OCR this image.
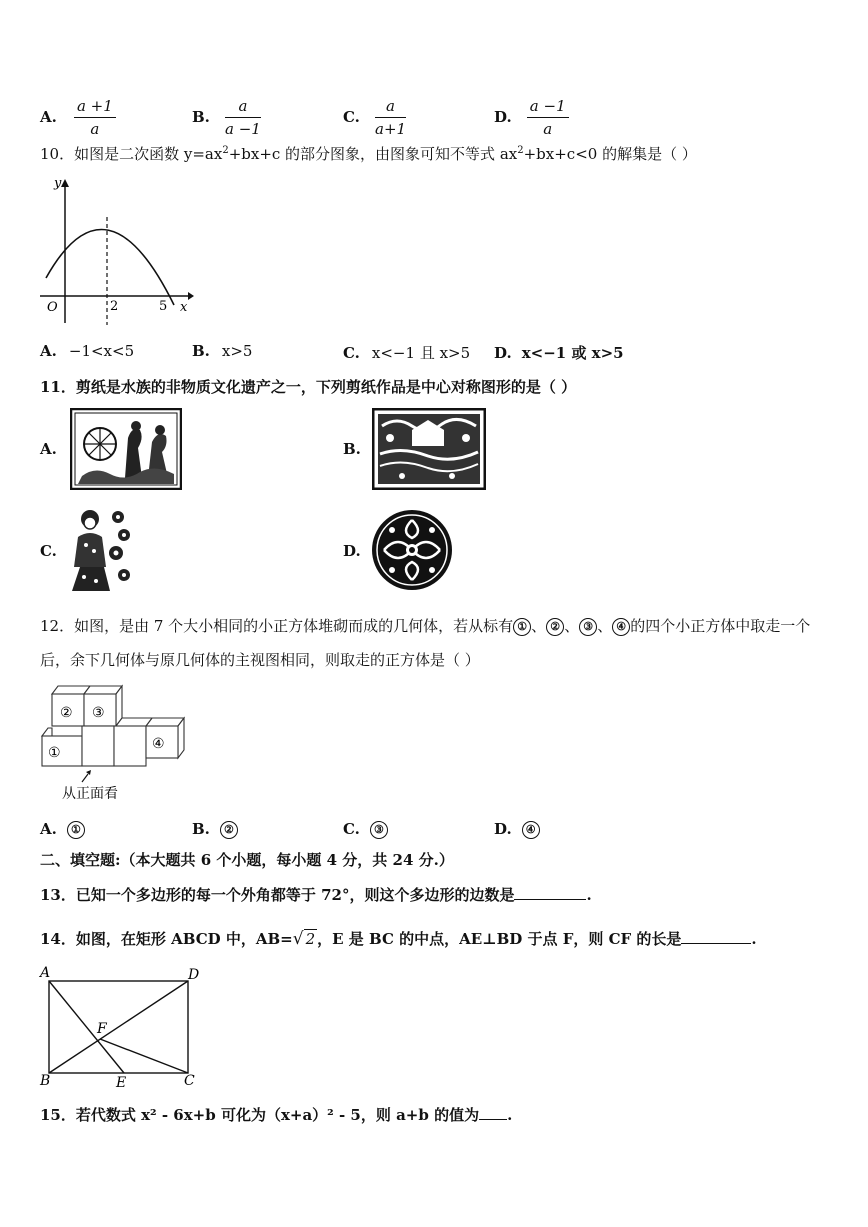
A. $\frac{a +1}{a}$	B. $\frac{a}{a -1}$	C. $\frac{a}{a+1}$	D. $\frac{a -1}{a}$
10．如图是二次函数 $y=ax^2+bx+c$ 的部分图象，由图象可知不等式 $ax^2+bx+c<0$ 的解集是（ ）
y
x
O	2	5
A. −1<x<5	B. x>5	C. x<−1 且 x>5 D. x<−1 或 x>5
11．剪纸是水族的非物质文化遗产之一，下列剪纸作品是中心对称图形的是（ ）
A.	B.
C.	D.
12．如图，是由 7 个大小相同的小正方体堆砌而成的几何体，若从标有 ① 、 ② 、 ③ 、 ④ 的四个小正方体中取走一个
后，余下几何体与原几何体的主视图相同，则取走的正方体是（ ）
② ③
①
④
从正面看
A. ①	B. ②	C. ③	D. ④
二、填空题:（本大题共 6 个小题，每小题 4 分，共 24 分.）
13．已知一个多边形的每一个外角都等于 72°，则这个多边形的边数是	.
14．如图，在矩形 ABCD 中，AB=√ 2 ，E 是 BC 的中点，AE⊥BD 于点 F，则 CF 的长是	.
A	D
B	C
E
F
15．若代数式 x² - 6x+b 可化为（x+a）² - 5，则 a+b 的值为 .
